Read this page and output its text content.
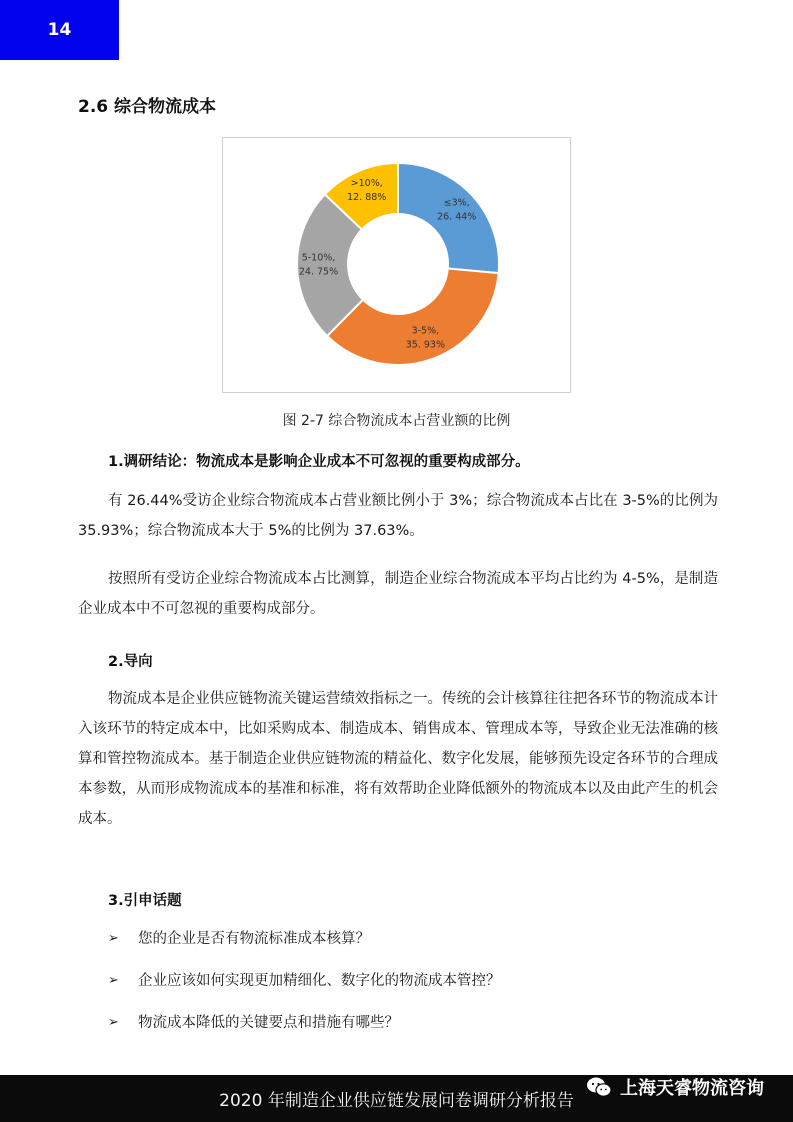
14
2.6 综合物流成本
≤3%,
26. 44%
3-5%,
35. 93%
5-10%,
24. 75%
>10%,
12. 88%
图 2-7 综合物流成本占营业额的比例
1.调研结论：物流成本是影响企业成本不可忽视的重要构成部分。

有 26.44%受访企业综合物流成本占营业额比例小于 3%；综合物流成本占比在 3-5%的比例为 35.93%；综合物流成本大于 5%的比例为 37.63%。

按照所有受访企业综合物流成本占比测算，制造企业综合物流成本平均占比约为 4-5%，是制造企业成本中不可忽视的重要构成部分。

2.导向

物流成本是企业供应链物流关键运营绩效指标之一。传统的会计核算往往把各环节的物流成本计入该环节的特定成本中，比如采购成本、制造成本、销售成本、管理成本等，导致企业无法准确的核算和管控物流成本。基于制造企业供应链物流的精益化、数字化发展，能够预先设定各环节的合理成本参数，从而形成物流成本的基准和标准，将有效帮助企业降低额外的物流成本以及由此产生的机会成本。

3.引申话题
➢	您的企业是否有物流标准成本核算？
➢	企业应该如何实现更加精细化、数字化的物流成本管控？
➢	物流成本降低的关键要点和措施有哪些？
2020 年制造企业供应链发展问卷调研分析报告
上海天睿物流咨询
